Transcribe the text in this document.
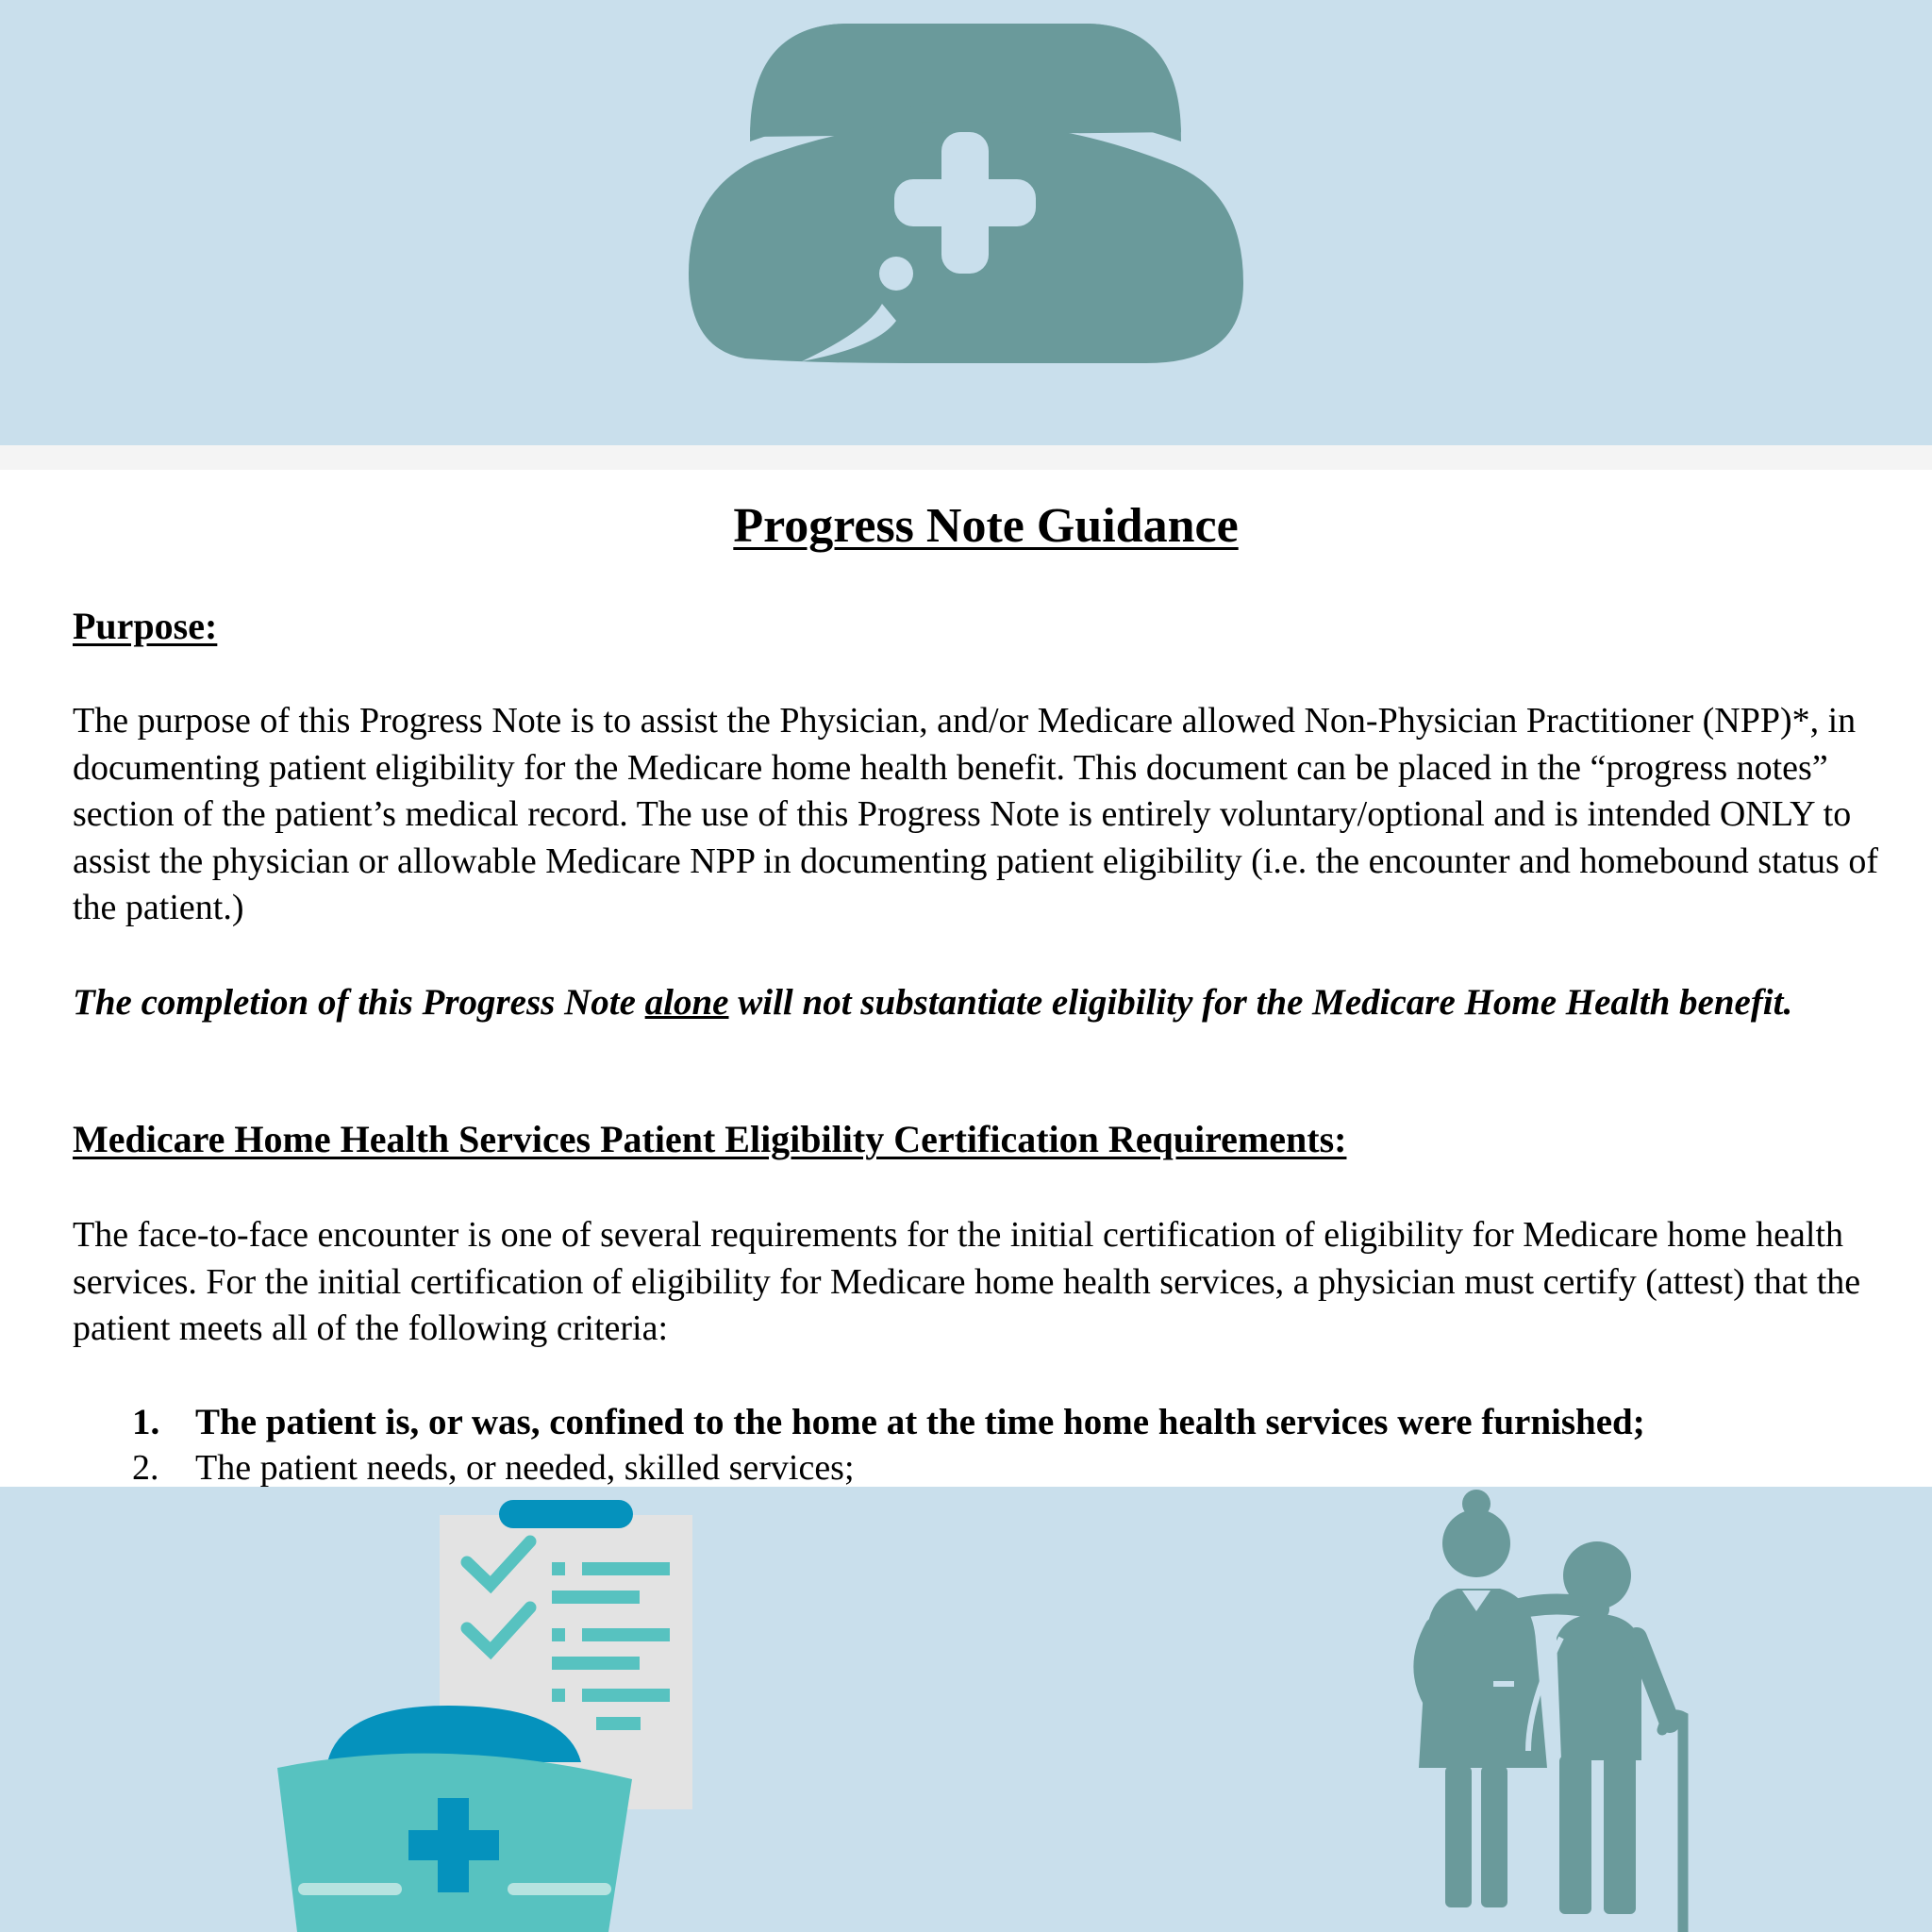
Progress Note Guidance
Purpose:

The purpose of this Progress Note is to assist the Physician, and/or Medicare allowed Non-Physician Practitioner (NPP)*, in documenting patient eligibility for the Medicare home health benefit. This document can be placed in the “progress notes” section of the patient’s medical record. The use of this Progress Note is entirely voluntary/optional and is intended ONLY to assist the physician or allowable Medicare NPP in documenting patient eligibility (i.e. the encounter and homebound status of the patient.)

The completion of this Progress Note alone will not substantiate eligibility for the Medicare Home Health benefit.

Medicare Home Health Services Patient Eligibility Certification Requirements:

The face-to-face encounter is one of several requirements for the initial certification of eligibility for Medicare home health services. For the initial certification of eligibility for Medicare home health services, a physician must certify (attest) that the patient meets all of the following criteria:

1. The patient is, or was, confined to the home at the time home health services were furnished;
2.	The patient needs, or needed, skilled services;
